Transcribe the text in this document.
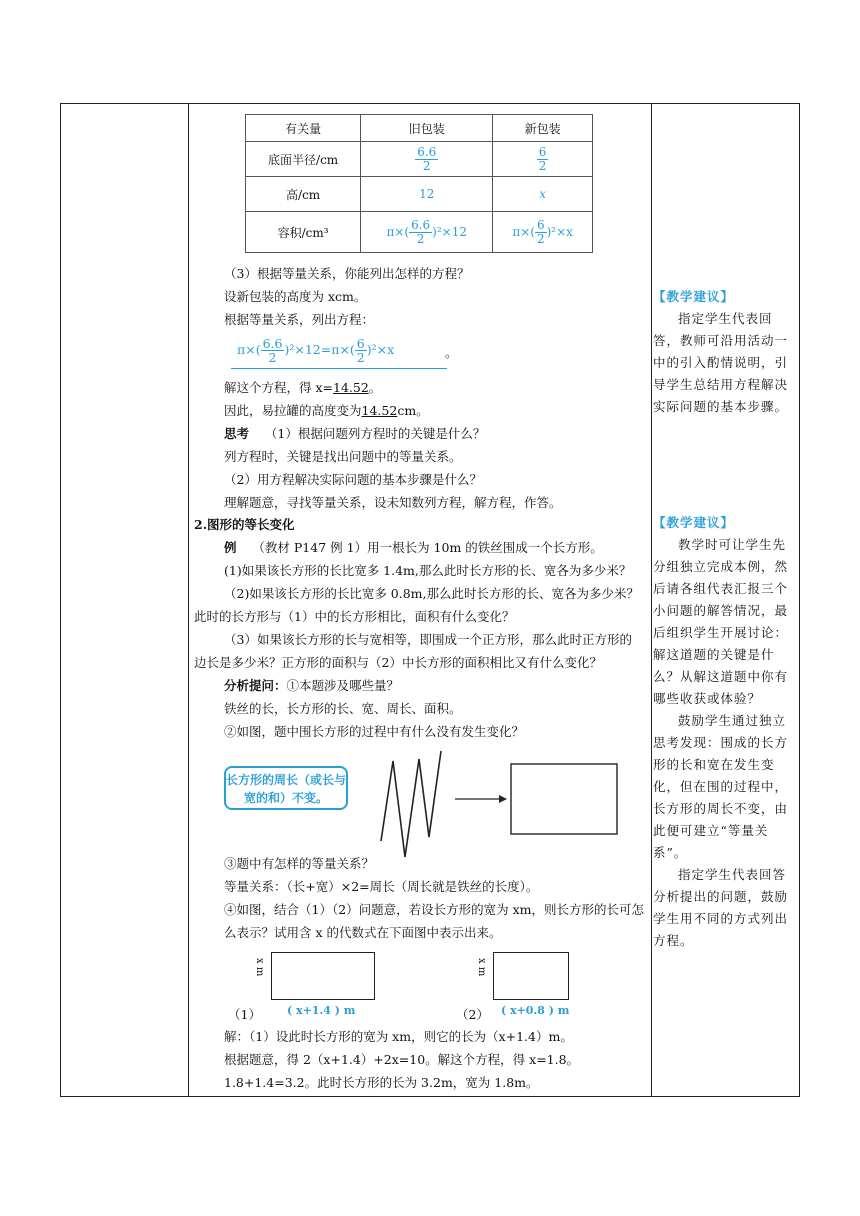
有关量	旧包装	新包装
底面半径/cm	$\frac{6.6}{2}$	$\frac{6}{2}$

高/cm	12	x
容积/cm³	$\pi\times( \frac{6.6}{2} )^2\times 12$	$\pi\times( \frac{6}{2} )^2\times x$
（3）根据等量关系，你能列出怎样的方程？
设新包装的高度为 xcm。
根据等量关系，列出方程：
$\pi\times( \frac{6.6}{2} )^2\times 12=\pi\times( \frac{6}{2} )^2\times x$	。
解这个方程，得 x=14.52。
因此，易拉罐的高度变为14.52cm。
思考 （1）根据问题列方程时的关键是什么？
列方程时，关键是找出问题中的等量关系。
（2）用方程解决实际问题的基本步骤是什么？
理解题意，寻找等量关系，设未知数列方程，解方程，作答。
2.图形的等长变化
例 （教材 P147 例 1）用一根长为 10m 的铁丝围成一个长方形。
(1)如果该长方形的长比宽多 1.4m,那么此时长方形的长、宽各为多少米？
（2)如果该长方形的长比宽多 0.8m,那么此时长方形的长、宽各为多少米？
此时的长方形与（1）中的长方形相比，面积有什么变化？
（3）如果该长方形的长与宽相等，即围成一个正方形，那么此时正方形的
边长是多少米？正方形的面积与（2）中长方形的面积相比又有什么变化？
分析提问：①本题涉及哪些量？
铁丝的长，长方形的长、宽、周长、面积。
②如图，题中围长方形的过程中有什么没有发生变化？
长方形的周长（或长与宽的和）不变。
③题中有怎样的等量关系？
等量关系：（长+宽）×2=周长（周长就是铁丝的长度）。
④如图，结合（1）（2）问题意，若设长方形的宽为 xm，则长方形的长可怎
么表示？试用含 x 的代数式在下面图中表示出来。
（1）
x m
( x+1.4 ) m	（2）
x m
( x+0.8 ) m
解：（1）设此时长方形的宽为 xm，则它的长为（x+1.4）m。
根据题意，得 2（x+1.4）+2x=10。解这个方程，得 x=1.8。
1.8+1.4=3.2。此时长方形的长为 3.2m，宽为 1.8m。

【教学建议】

指定学生代表回答，教师可沿用活动一中的引入酌情说明，引导学生总结用方程解决实际问题的基本步骤。

【教学建议】

教学时可让学生先分组独立完成本例，然后请各组代表汇报三个小问题的解答情况，最后组织学生开展讨论：解这道题的关键是什么？从解这道题中你有哪些收获或体验？

鼓励学生通过独立思考发现：围成的长方形的长和宽在发生变化，但在围的过程中，长方形的周长不变，由此便可建立“等量关系”。

指定学生代表回答分析提出的问题，鼓励学生用不同的方式列出方程。
